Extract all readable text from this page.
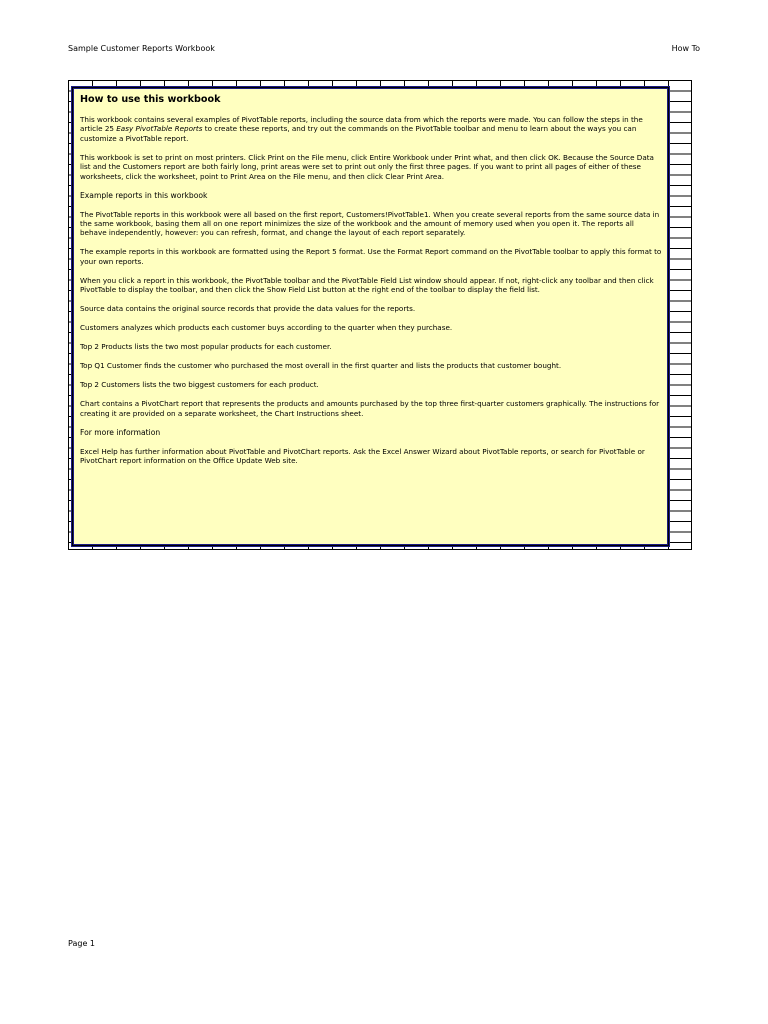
Sample Customer Reports Workbook	How To
How to use this workbook

This workbook contains several examples of PivotTable reports, including the source data from which the reports were made. You can follow the steps in the article 25 Easy PivotTable Reports to create these reports, and try out the commands on the PivotTable toolbar and menu to learn about the ways you can customize a PivotTable report.

This workbook is set to print on most printers. Click Print on the File menu, click Entire Workbook under Print what, and then click OK. Because the Source Data list and the Customers report are both fairly long, print areas were set to print out only the first three pages. If you want to print all pages of either of these worksheets, click the worksheet, point to Print Area on the File menu, and then click Clear Print Area.

Example reports in this workbook

The PivotTable reports in this workbook were all based on the first report, Customers!PivotTable1. When you create several reports from the same source data in the same workbook, basing them all on one report minimizes the size of the workbook and the amount of memory used when you open it. The reports all behave independently, however: you can refresh, format, and change the layout of each report separately.

The example reports in this workbook are formatted using the Report 5 format. Use the Format Report command on the PivotTable toolbar to apply this format to your own reports.

When you click a report in this workbook, the PivotTable toolbar and the PivotTable Field List window should appear. If not, right-click any toolbar and then click PivotTable to display the toolbar, and then click the Show Field List button at the right end of the toolbar to display the field list.

Source data contains the original source records that provide the data values for the reports.

Customers analyzes which products each customer buys according to the quarter when they purchase.

Top 2 Products lists the two most popular products for each customer.

Top Q1 Customer finds the customer who purchased the most overall in the first quarter and lists the products that customer bought.

Top 2 Customers lists the two biggest customers for each product.

Chart contains a PivotChart report that represents the products and amounts purchased by the top three first-quarter customers graphically. The instructions for creating it are provided on a separate worksheet, the Chart Instructions sheet.

For more information

Excel Help has further information about PivotTable and PivotChart reports. Ask the Excel Answer Wizard about PivotTable reports, or search for PivotTable or PivotChart report information on the Office Update Web site.

Page 1
